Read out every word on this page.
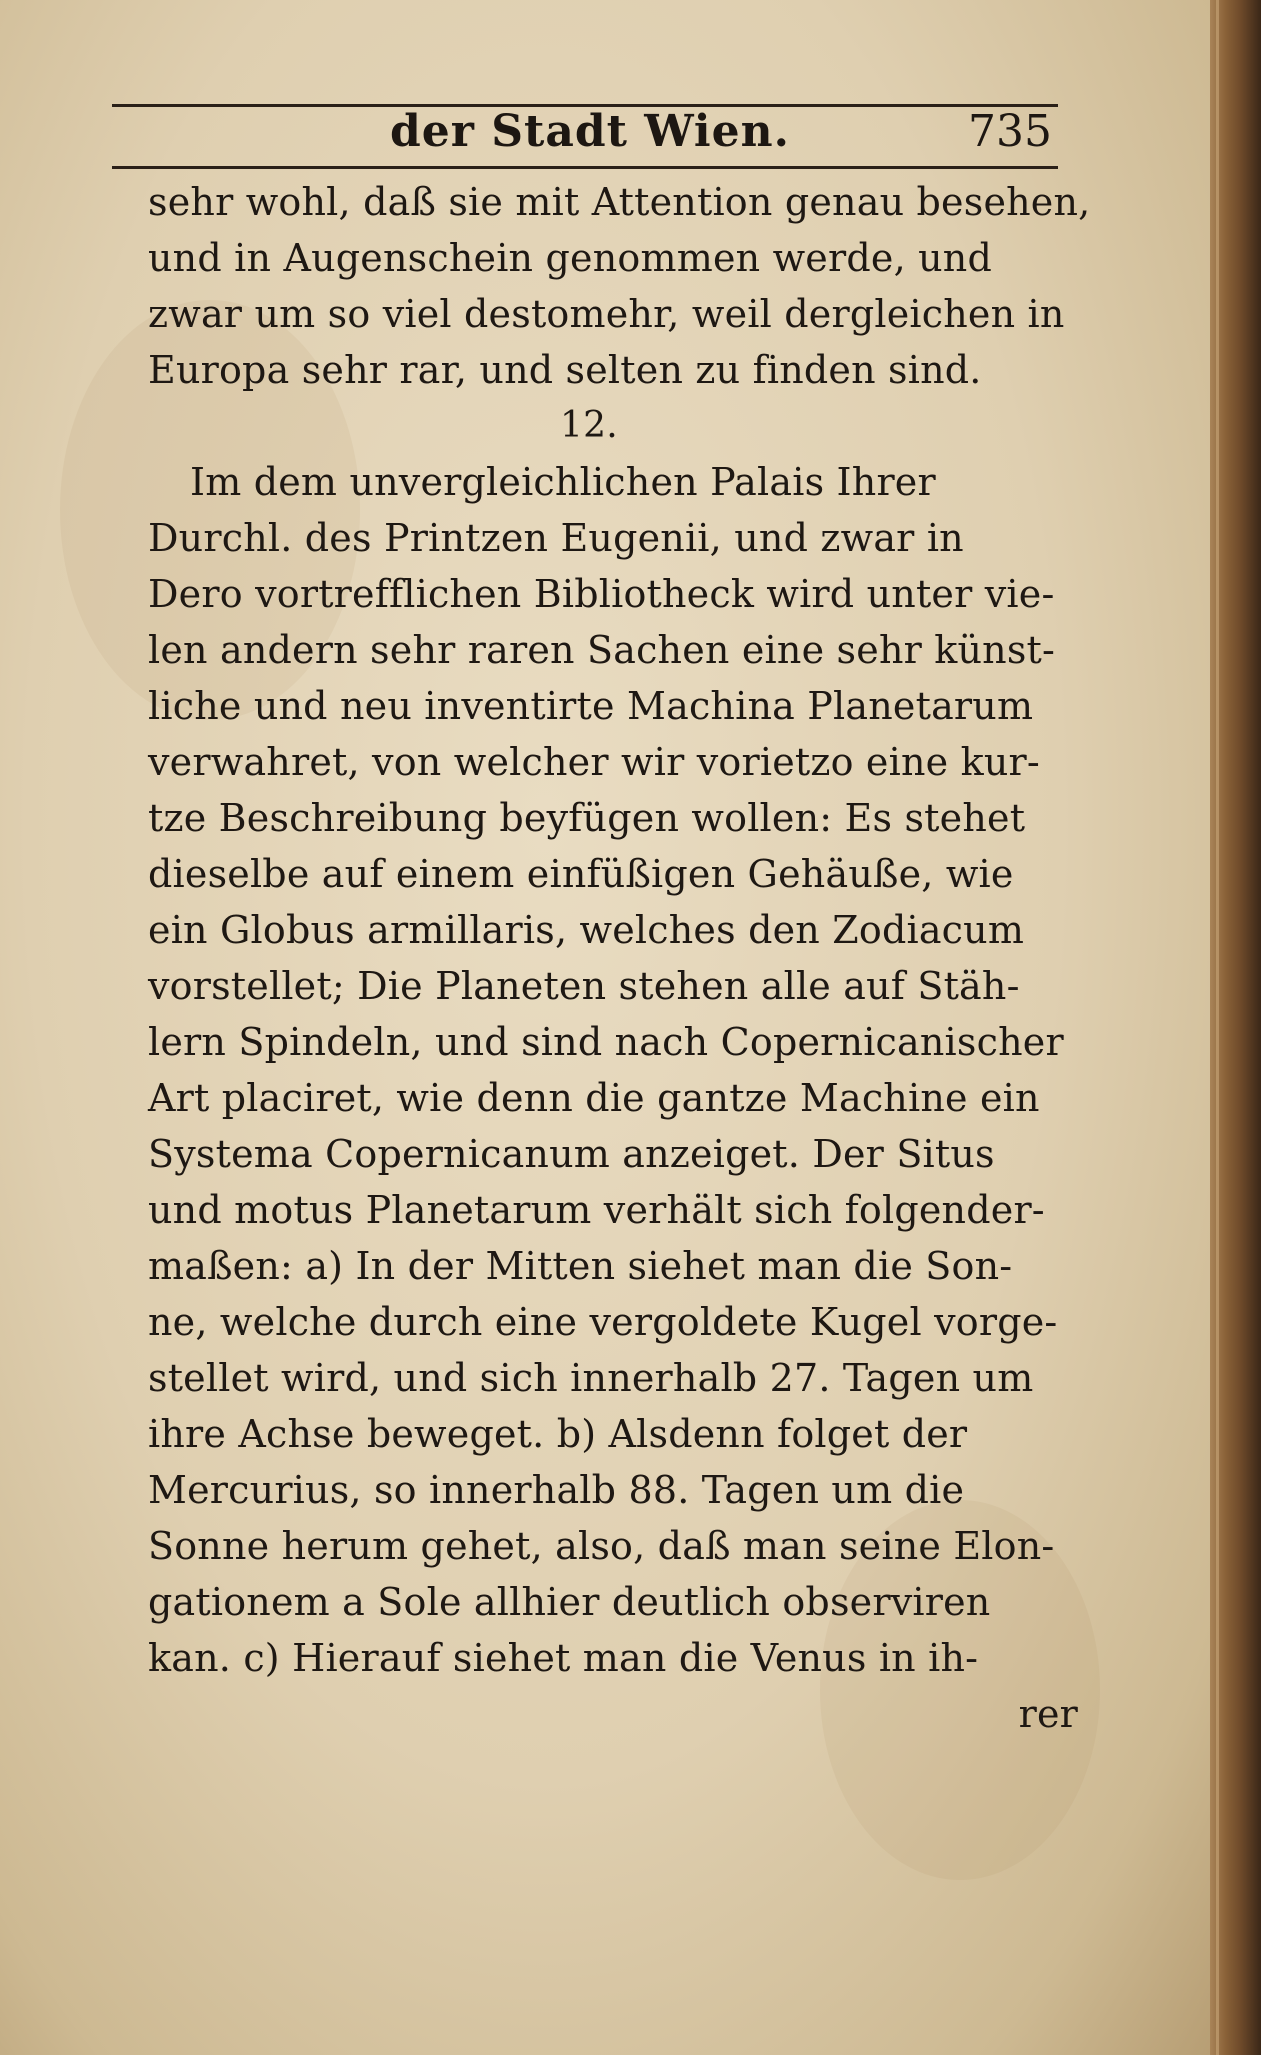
der Stadt Wien.	735
sehr wohl, daß sie mit Attention genau besehen,
und in Augenschein genommen werde, und
zwar um so viel destomehr, weil dergleichen in
Europa sehr rar, und selten zu finden sind.
12.
Im dem unvergleichlichen Palais Ihrer
Durchl. des Printzen Eugenii, und zwar in
Dero vortrefflichen Bibliotheck wird unter vie-
len andern sehr raren Sachen eine sehr künst-
liche und neu inventirte Machina Planetarum
verwahret, von welcher wir vorietzo eine kur-
tze Beschreibung beyfügen wollen: Es stehet
dieselbe auf einem einfüßigen Gehäuße, wie
ein Globus armillaris, welches den Zodiacum
vorstellet; Die Planeten stehen alle auf Stäh-
lern Spindeln, und sind nach Copernicanischer
Art placiret, wie denn die gantze Machine ein
Systema Copernicanum anzeiget. Der Situs
und motus Planetarum verhält sich folgender-
maßen: a) In der Mitten siehet man die Son-
ne, welche durch eine vergoldete Kugel vorge-
stellet wird, und sich innerhalb 27. Tagen um
ihre Achse beweget. b) Alsdenn folget der
Mercurius, so innerhalb 88. Tagen um die
Sonne herum gehet, also, daß man seine Elon-
gationem a Sole allhier deutlich observiren
kan. c) Hierauf siehet man die Venus in ih-
rer
